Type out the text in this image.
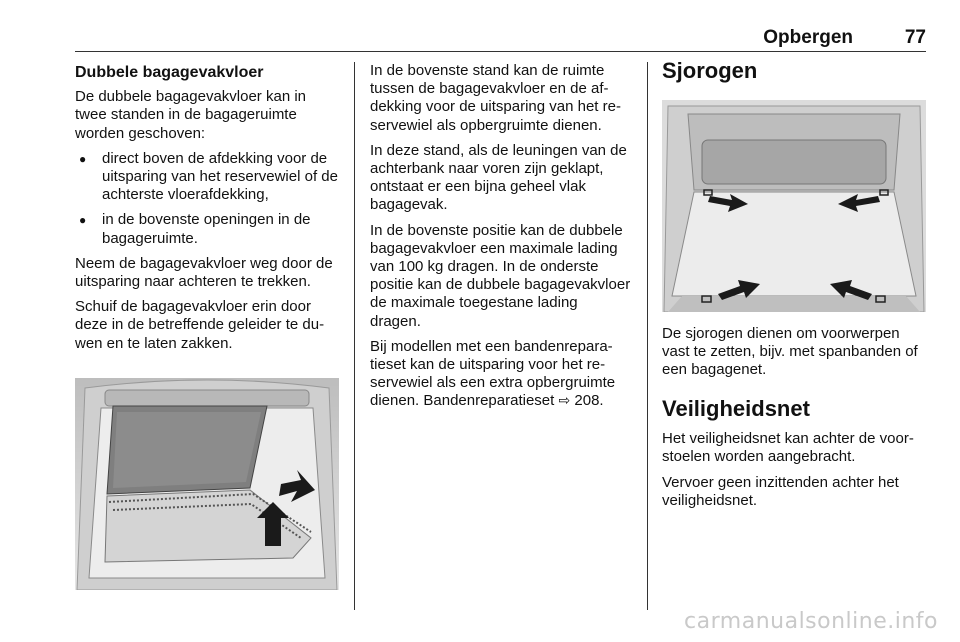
Opbergen	77
Dubbele bagagevakvloer

De dubbele bagagevakvloer kan in twee standen in de bagageruimte worden geschoven:

● direct boven de afdekking voor de uitsparing van het reservewiel of de achterste vloerafdekking,
● in de bovenste openingen in de bagageruimte.

Neem de bagagevakvloer weg door de uitsparing naar achteren te trekken.

Schuif de bagagevakvloer erin door deze in de betreffende geleider te duwen en te laten zakken.

In de bovenste stand kan de ruimte tussen de bagagevakvloer en de afdekking voor de uitsparing van het reservewiel als opbergruimte dienen.

In deze stand, als de leuningen van de achterbank naar voren zijn geklapt, ontstaat er een bijna geheel vlak bagagevak.

In de bovenste positie kan de dubbele bagagevakvloer een maximale lading van 100 kg dragen. In de onderste positie kan de dubbele bagagevakvloer de maximale toegestane lading dragen.

Bij modellen met een bandenreparatieset kan de uitsparing voor het reservewiel als een extra opbergruimte dienen. Bandenreparatieset ⇨ 208.

Sjorogen

De sjorogen dienen om voorwerpen vast te zetten, bijv. met spanbanden of een bagagenet.

Veiligheidsnet

Het veiligheidsnet kan achter de voorstoelen worden aangebracht.

Vervoer geen inzittenden achter het veiligheidsnet.

carmanualsonline.info
